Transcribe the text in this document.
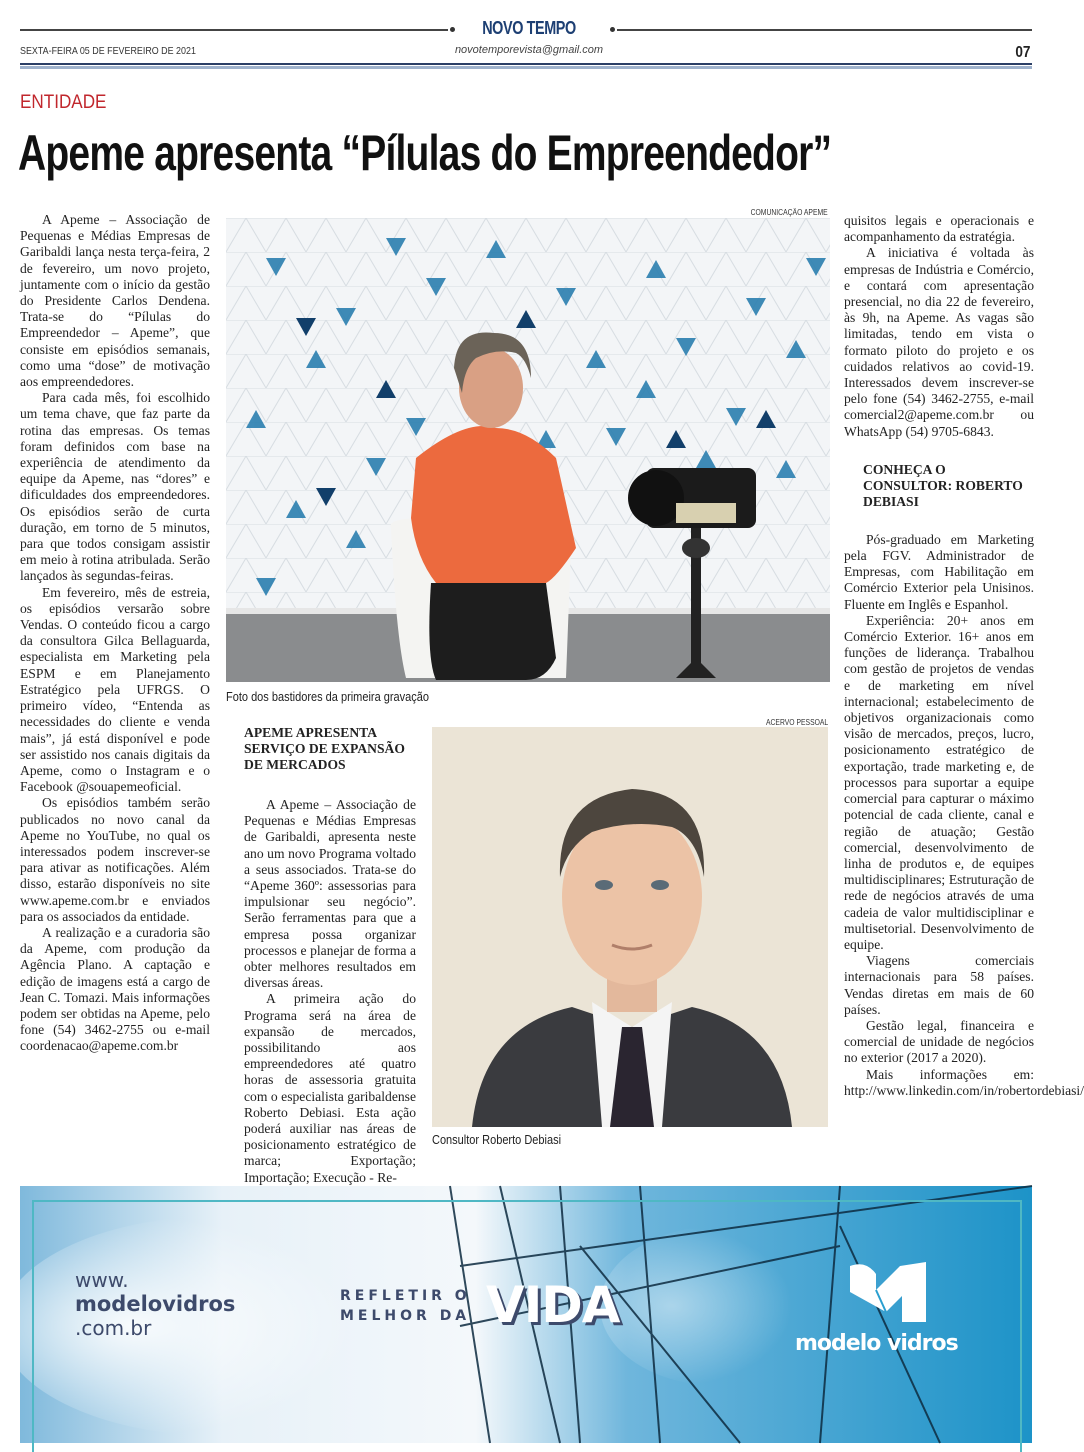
NOVO TEMPO
SEXTA-FEIRA 05 DE FEVEREIRO DE 2021	novotemporevista@gmail.com	07
ENTIDADE
Apeme apresenta “Pílulas do Empreendedor”

A Apeme – Associação de Pequenas e Médias Empresas de Garibaldi lança nesta terça-feira, 2 de fevereiro, um novo projeto, juntamente com o início da gestão do Presidente Carlos Dendena. Trata-se do “Pílulas do Empreendedor – Apeme”, que consiste em episódios semanais, como uma “dose” de motivação aos empreendedores.

Para cada mês, foi escolhido um tema chave, que faz parte da rotina das empresas. Os temas foram definidos com base na experiência de atendimento da equipe da Apeme, nas “dores” e dificuldades dos empreendedores. Os episódios serão de curta duração, em torno de 5 minutos, para que todos consigam assistir em meio à rotina atribulada. Serão lançados às segundas-feiras.

Em fevereiro, mês de estreia, os episódios versarão sobre Vendas. O conteúdo ficou a cargo da consultora Gilca Bellaguarda, especialista em Marketing pela ESPM e em Planejamento Estratégico pela UFRGS. O primeiro vídeo, “Entenda as necessidades do cliente e venda mais”, já está disponível e pode ser assistido nos canais digitais da Apeme, como o Instagram e o Facebook @souapemeoficial.

Os episódios também serão publicados no novo canal da Apeme no YouTube, no qual os interessados podem inscrever-se para ativar as notificações. Além disso, estarão disponíveis no site www.apeme.com.br e enviados para os associados da entidade.

A realização e a curadoria são da Apeme, com produção da Agência Plano. A captação e edição de imagens está a cargo de Jean C. Tomazi. Mais informações podem ser obtidas na Apeme, pelo fone (54) 3462-2755 ou e-mail coordenacao@apeme.com.br

COMUNICAÇÃO APEME
Foto dos bastidores da primeira gravação

APEME APRESENTA SERVIÇO DE EXPANSÃO DE MERCADOS

A Apeme – Associação de Pequenas e Médias Empresas de Garibaldi, apresenta neste ano um novo Programa voltado a seus associados. Trata-se do “Apeme 360º: assessorias para impulsionar seu negócio”. Serão ferramentas para que a empresa possa organizar processos e planejar de forma a obter melhores resultados em diversas áreas.

A primeira ação do Programa será na área de expansão de mercados, possibilitando aos empreendedores até quatro horas de assessoria gratuita com o especialista garibaldense Roberto Debiasi. Esta ação poderá auxiliar nas áreas de posicionamento estratégico de marca; Exportação; Importação; Execução - Re-

ACERVO PESSOAL
Consultor Roberto Debiasi

quisitos legais e operacionais e acompanhamento da estratégia.

A iniciativa é voltada às empresas de Indústria e Comércio, e contará com apresentação presencial, no dia 22 de fevereiro, às 9h, na Apeme. As vagas são limitadas, tendo em vista o formato piloto do projeto e os cuidados relativos ao covid-19. Interessados devem inscrever-se pelo fone (54) 3462-2755, e-mail comercial2@apeme.com.br ou WhatsApp (54) 9705-6843.

CONHEÇA O CONSULTOR: ROBERTO DEBIASI

Pós-graduado em Marketing pela FGV. Administrador de Empresas, com Habilitação em Comércio Exterior pela Unisinos. Fluente em Inglês e Espanhol.

Experiência: 20+ anos em Comércio Exterior. 16+ anos em funções de liderança. Trabalhou com gestão de projetos de vendas e de marketing em nível internacional; estabelecimento de objetivos organizacionais como visão de mercados, preços, lucro, posicionamento estratégico de exportação, trade marketing e, de processos para suportar a equipe comercial para capturar o máximo potencial de cada cliente, canal e região de atuação; Gestão comercial, desenvolvimento de linha de produtos e, de equipes multidisciplinares; Estruturação de rede de negócios através de uma cadeia de valor multidisciplinar e multisetorial. Desenvolvimento de equipe.

Viagens comerciais internacionais para 58 países. Vendas diretas em mais de 60 países.

Gestão legal, financeira e comercial de unidade de negócios no exterior (2017 a 2020).

Mais informações em: http://www.linkedin.com/in/robertordebiasi/

www.
modelovidros
.com.br
REFLETIR O
MELHOR DA VIDA
modelo vidros
